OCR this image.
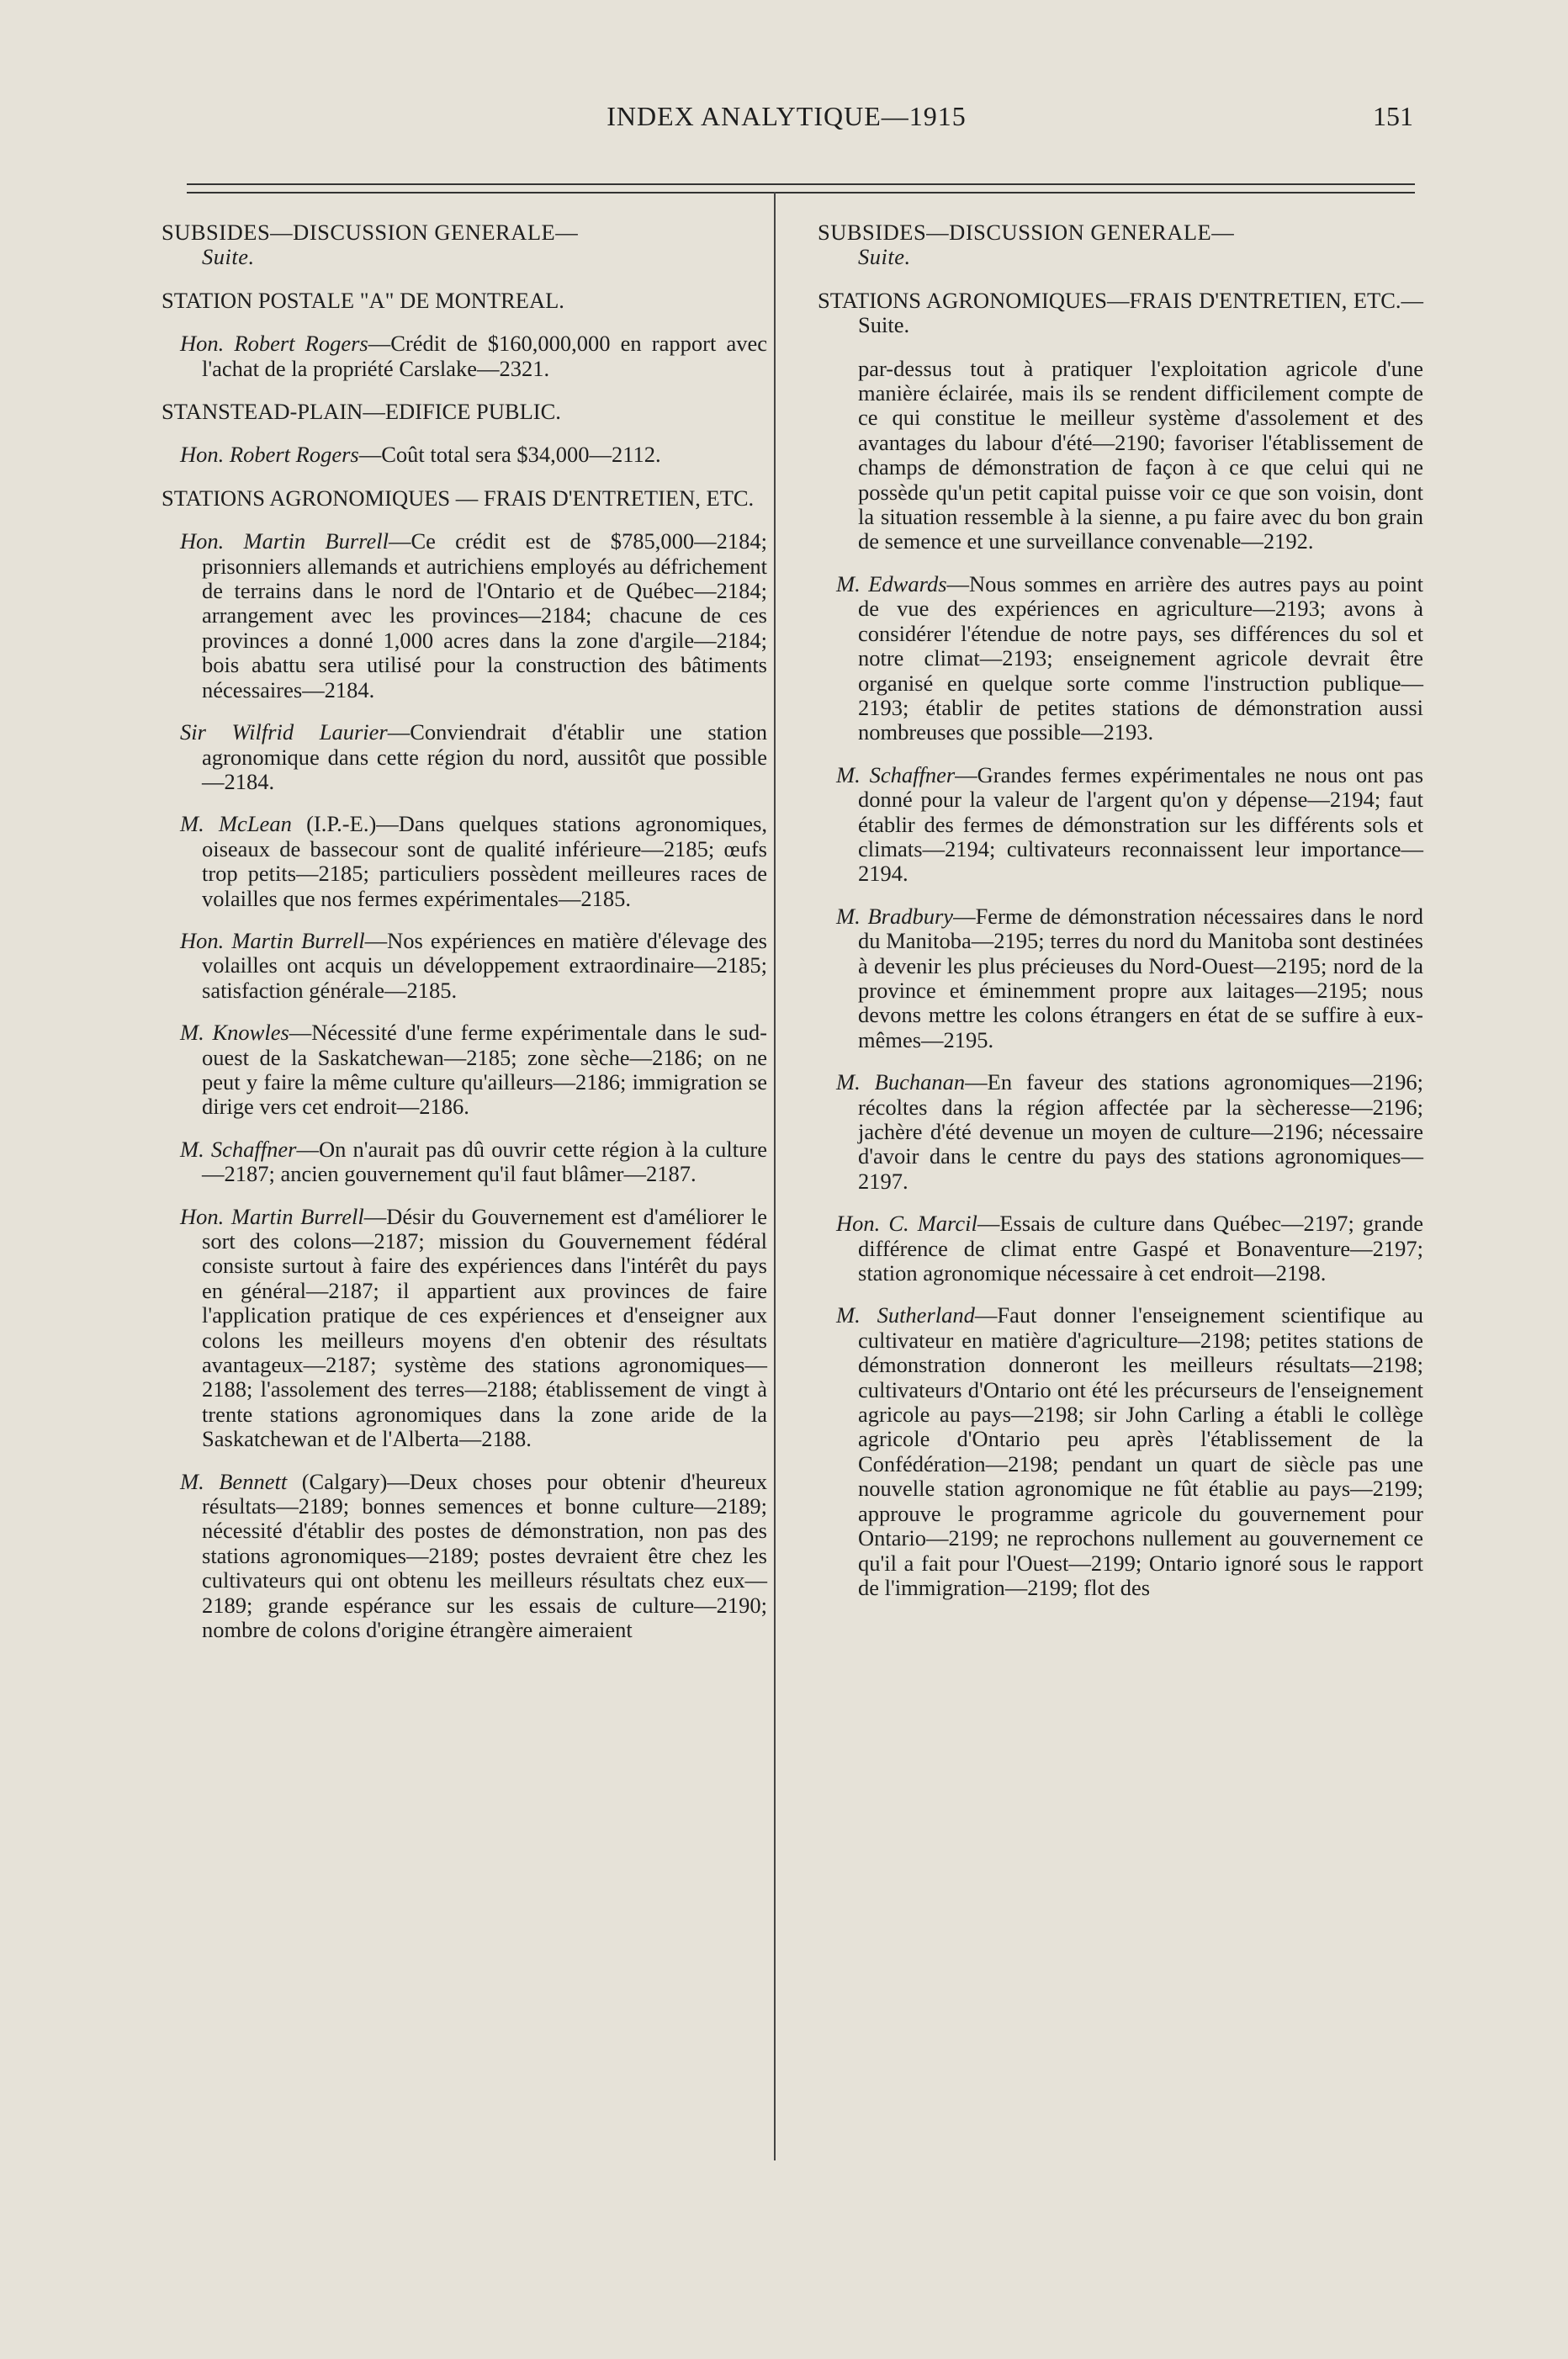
INDEX ANALYTIQUE—1915	151
SUBSIDES—DISCUSSION GENERALE—
Suite.
STATION POSTALE "A" DE MONTREAL.

Hon. Robert Rogers—Crédit de $160,000,000 en rapport avec l'achat de la propriété Carslake—2321.

STANSTEAD-PLAIN—EDIFICE PUBLIC.

Hon. Robert Rogers—Coût total sera $34,000—2112.

STATIONS AGRONOMIQUES — FRAIS D'ENTRETIEN, ETC.

Hon. Martin Burrell—Ce crédit est de $785,000—2184; prisonniers allemands et autrichiens employés au défrichement de terrains dans le nord de l'Ontario et de Québec—2184; arrangement avec les provinces—2184; chacune de ces provinces a donné 1,000 acres dans la zone d'argile—2184; bois abattu sera utilisé pour la construction des bâtiments nécessaires—2184.

Sir Wilfrid Laurier—Conviendrait d'établir une station agronomique dans cette région du nord, aussitôt que possible—2184.

M. McLean (I.P.-E.)—Dans quelques stations agronomiques, oiseaux de bassecour sont de qualité inférieure—2185; œufs trop petits—2185; particuliers possèdent meilleures races de volailles que nos fermes expérimentales—2185.

Hon. Martin Burrell—Nos expériences en matière d'élevage des volailles ont acquis un développement extraordinaire—2185; satisfaction générale—2185.

M. Knowles—Nécessité d'une ferme expérimentale dans le sud-ouest de la Saskatchewan—2185; zone sèche—2186; on ne peut y faire la même culture qu'ailleurs—2186; immigration se dirige vers cet endroit—2186.

M. Schaffner—On n'aurait pas dû ouvrir cette région à la culture—2187; ancien gouvernement qu'il faut blâmer—2187.

Hon. Martin Burrell—Désir du Gouvernement est d'améliorer le sort des colons—2187; mission du Gouvernement fédéral consiste surtout à faire des expériences dans l'intérêt du pays en général—2187; il appartient aux provinces de faire l'application pratique de ces expériences et d'enseigner aux colons les meilleurs moyens d'en obtenir des résultats avantageux—2187; système des stations agronomiques—2188; l'assolement des terres—2188; établissement de vingt à trente stations agronomiques dans la zone aride de la Saskatchewan et de l'Alberta—2188.

M. Bennett (Calgary)—Deux choses pour obtenir d'heureux résultats—2189; bonnes semences et bonne culture—2189; nécessité d'établir des postes de démonstration, non pas des stations agronomiques—2189; postes devraient être chez les cultivateurs qui ont obtenu les meilleurs résultats chez eux—2189; grande espérance sur les essais de culture—2190; nombre de colons d'origine étrangère aimeraient

SUBSIDES—DISCUSSION GENERALE—
Suite.
STATIONS AGRONOMIQUES—FRAIS D'ENTRETIEN, ETC.—Suite.

par-dessus tout à pratiquer l'exploitation agricole d'une manière éclairée, mais ils se rendent difficilement compte de ce qui constitue le meilleur système d'assolement et des avantages du labour d'été—2190; favoriser l'établissement de champs de démonstration de façon à ce que celui qui ne possède qu'un petit capital puisse voir ce que son voisin, dont la situation ressemble à la sienne, a pu faire avec du bon grain de semence et une surveillance convenable—2192.

M. Edwards—Nous sommes en arrière des autres pays au point de vue des expériences en agriculture—2193; avons à considérer l'étendue de notre pays, ses différences du sol et notre climat—2193; enseignement agricole devrait être organisé en quelque sorte comme l'instruction publique—2193; établir de petites stations de démonstration aussi nombreuses que possible—2193.

M. Schaffner—Grandes fermes expérimentales ne nous ont pas donné pour la valeur de l'argent qu'on y dépense—2194; faut établir des fermes de démonstration sur les différents sols et climats—2194; cultivateurs reconnaissent leur importance—2194.

M. Bradbury—Ferme de démonstration nécessaires dans le nord du Manitoba—2195; terres du nord du Manitoba sont destinées à devenir les plus précieuses du Nord-Ouest—2195; nord de la province et éminemment propre aux laitages—2195; nous devons mettre les colons étrangers en état de se suffire à eux-mêmes—2195.

M. Buchanan—En faveur des stations agronomiques—2196; récoltes dans la région affectée par la sècheresse—2196; jachère d'été devenue un moyen de culture—2196; nécessaire d'avoir dans le centre du pays des stations agronomiques—2197.

Hon. C. Marcil—Essais de culture dans Québec—2197; grande différence de climat entre Gaspé et Bonaventure—2197; station agronomique nécessaire à cet endroit—2198.

M. Sutherland—Faut donner l'enseignement scientifique au cultivateur en matière d'agriculture—2198; petites stations de démonstration donneront les meilleurs résultats—2198; cultivateurs d'Ontario ont été les précurseurs de l'enseignement agricole au pays—2198; sir John Carling a établi le collège agricole d'Ontario peu après l'établissement de la Confédération—2198; pendant un quart de siècle pas une nouvelle station agronomique ne fût établie au pays—2199; approuve le programme agricole du gouvernement pour Ontario—2199; ne reprochons nullement au gouvernement ce qu'il a fait pour l'Ouest—2199; Ontario ignoré sous le rapport de l'immigration—2199; flot des
